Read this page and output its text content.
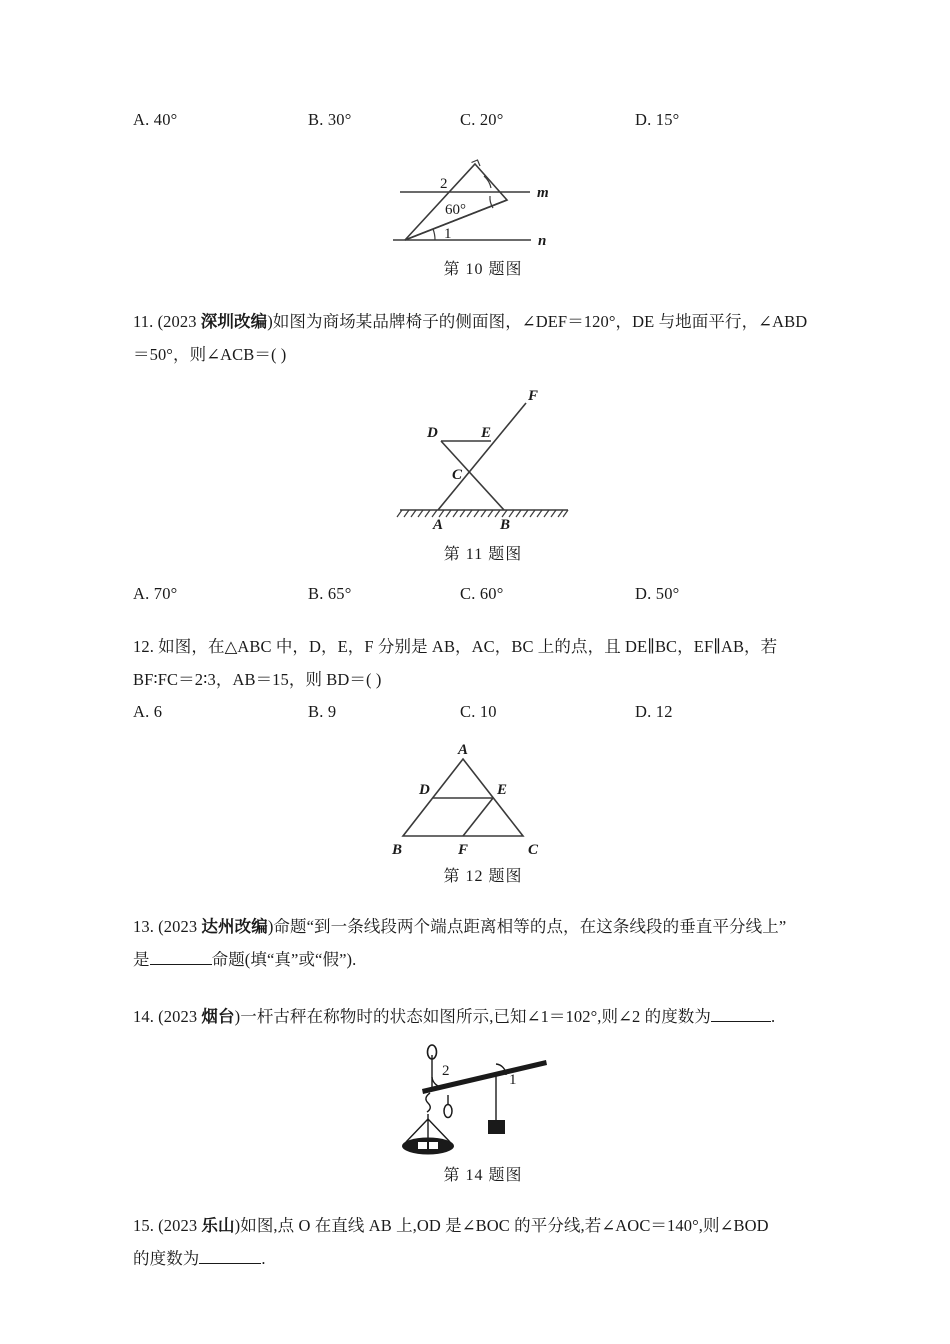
A. 40°	B. 30°	C. 20°	D. 15°
2
60°
1
m
n
第 10 题图
11. (2023 深圳改编)如图为商场某品牌椅子的侧面图，∠DEF＝120°，DE 与地面平行，∠ABD
＝50°，则∠ACB＝( )
D	E
F
C
A	B
第 11 题图
A. 70°	B. 65°	C. 60°	D. 50°
12. 如图，在△ABC 中，D，E，F 分别是 AB，AC，BC 上的点，且 DE∥BC，EF∥AB，若
BF∶FC＝2∶3，AB＝15，则 BD＝( )
A. 6	B. 9	C. 10	D. 12
A
D	E
B	F	C
第 12 题图
13. (2023 达州改编)命题“到一条线段两个端点距离相等的点，在这条线段的垂直平分线上”
是	命题(填“真”或“假”).
14. (2023 烟台)一杆古秤在称物时的状态如图所示,已知∠1＝102°,则∠2 的度数为	.
1
2
第 14 题图
15. (2023 乐山)如图,点 O 在直线 AB 上,OD 是∠BOC 的平分线,若∠AOC＝140°,则∠BOD
的度数为	.
